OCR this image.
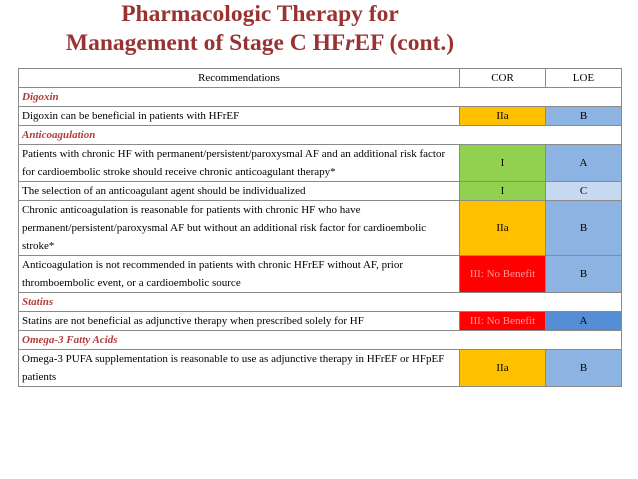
Pharmacologic Therapy for
Management of Stage C HFrEF (cont.)
Recommendations	COR	LOE
Digoxin		
Digoxin can be beneficial in patients with HFrEF	IIa	B
Anticoagulation		
Patients with chronic HF with permanent/persistent/paroxysmal AF and an additional risk factor for cardioembolic stroke should receive chronic anticoagulant therapy*	I	A
The selection of an anticoagulant agent should be individualized	I	C
Chronic anticoagulation is reasonable for patients with chronic HF who have permanent/persistent/paroxysmal AF but without an additional risk factor for cardioembolic stroke*	IIa	B
Anticoagulation is not recommended in patients with chronic HFrEF without AF, prior thromboembolic event, or a cardioembolic source	III: No Benefit	B
Statins		
Statins are not beneficial as adjunctive therapy when prescribed solely for HF	III: No Benefit	A
Omega-3 Fatty Acids		
Omega-3 PUFA supplementation is reasonable to use as adjunctive therapy in HFrEF or HFpEF patients	IIa	B
